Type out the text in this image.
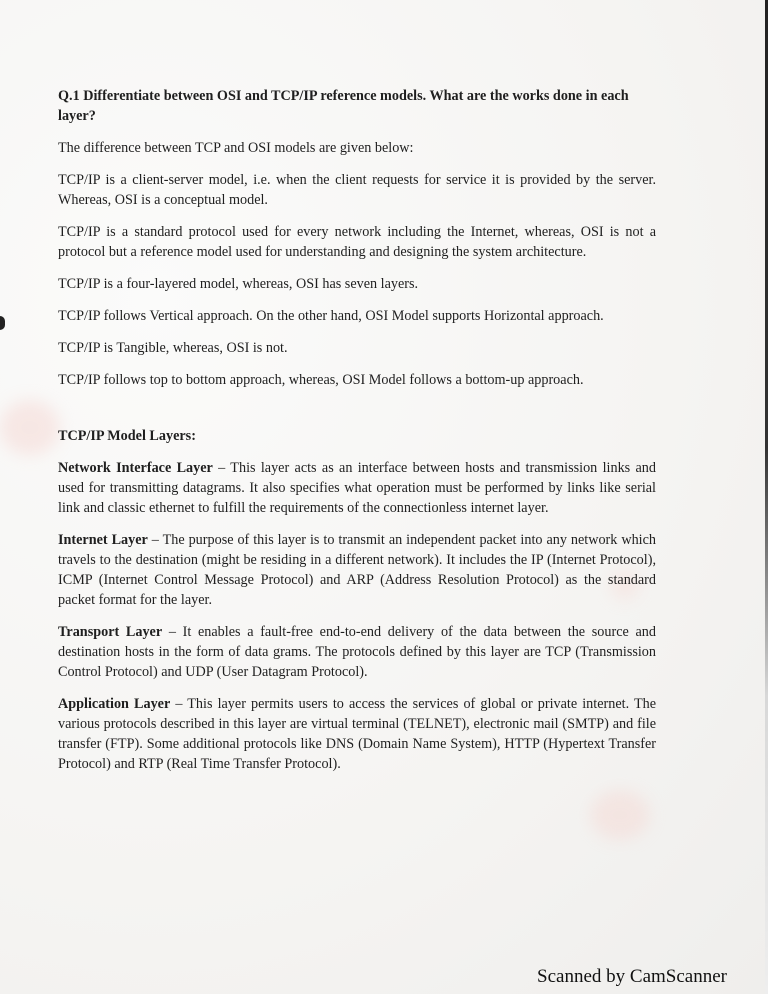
Q.1 Differentiate between OSI and TCP/IP reference models. What are the works done in each layer?

The difference between TCP and OSI models are given below:

TCP/IP is a client-server model, i.e. when the client requests for service it is provided by the server. Whereas, OSI is a conceptual model.

TCP/IP is a standard protocol used for every network including the Internet, whereas, OSI is not a protocol but a reference model used for understanding and designing the system architecture.

TCP/IP is a four-layered model, whereas, OSI has seven layers.

TCP/IP follows Vertical approach. On the other hand, OSI Model supports Horizontal approach.

TCP/IP is Tangible, whereas, OSI is not.

TCP/IP follows top to bottom approach, whereas, OSI Model follows a bottom-up approach.

TCP/IP Model Layers:

Network Interface Layer – This layer acts as an interface between hosts and transmission links and used for transmitting datagrams. It also specifies what operation must be performed by links like serial link and classic ethernet to fulfill the requirements of the connectionless internet layer.

Internet Layer – The purpose of this layer is to transmit an independent packet into any network which travels to the destination (might be residing in a different network). It includes the IP (Internet Protocol), ICMP (Internet Control Message Protocol) and ARP (Address Resolution Protocol) as the standard packet format for the layer.

Transport Layer – It enables a fault-free end-to-end delivery of the data between the source and destination hosts in the form of data grams. The protocols defined by this layer are TCP (Transmission Control Protocol) and UDP (User Datagram Protocol).

Application Layer – This layer permits users to access the services of global or private internet. The various protocols described in this layer are virtual terminal (TELNET), electronic mail (SMTP) and file transfer (FTP). Some additional protocols like DNS (Domain Name System), HTTP (Hypertext Transfer Protocol) and RTP (Real Time Transfer Protocol).

Scanned by CamScanner
